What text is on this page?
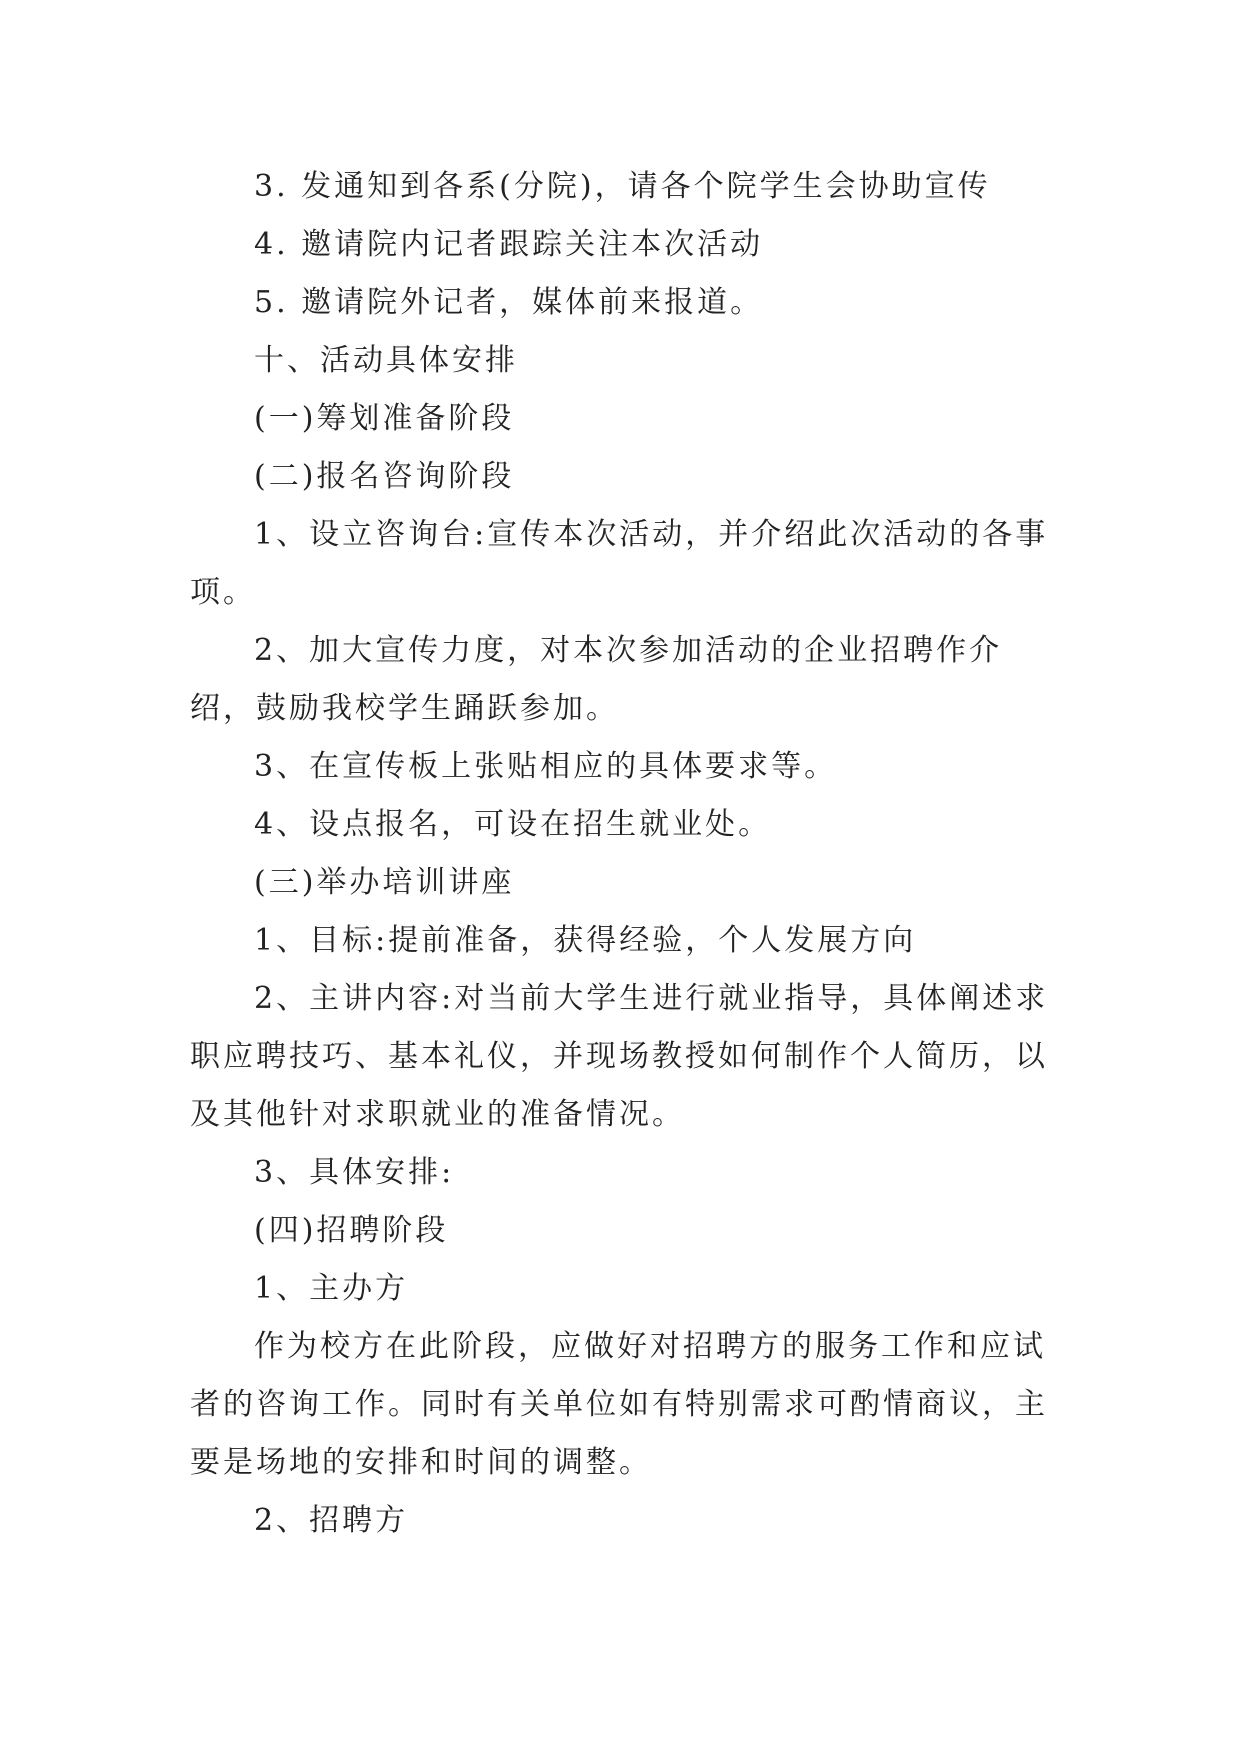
3. 发通知到各系(分院)，请各个院学生会协助宣传

4. 邀请院内记者跟踪关注本次活动

5. 邀请院外记者，媒体前来报道。

十、活动具体安排

(一)筹划准备阶段

(二)报名咨询阶段

1、设立咨询台:宣传本次活动，并介绍此次活动的各事项。

2、加大宣传力度，对本次参加活动的企业招聘作介绍，鼓励我校学生踊跃参加。

3、在宣传板上张贴相应的具体要求等。

4、设点报名，可设在招生就业处。

(三)举办培训讲座

1、目标:提前准备，获得经验，个人发展方向

2、主讲内容:对当前大学生进行就业指导，具体阐述求职应聘技巧、基本礼仪，并现场教授如何制作个人简历，以及其他针对求职就业的准备情况。

3、具体安排:

(四)招聘阶段

1、主办方

作为校方在此阶段，应做好对招聘方的服务工作和应试者的咨询工作。同时有关单位如有特别需求可酌情商议，主要是场地的安排和时间的调整。

2、招聘方
